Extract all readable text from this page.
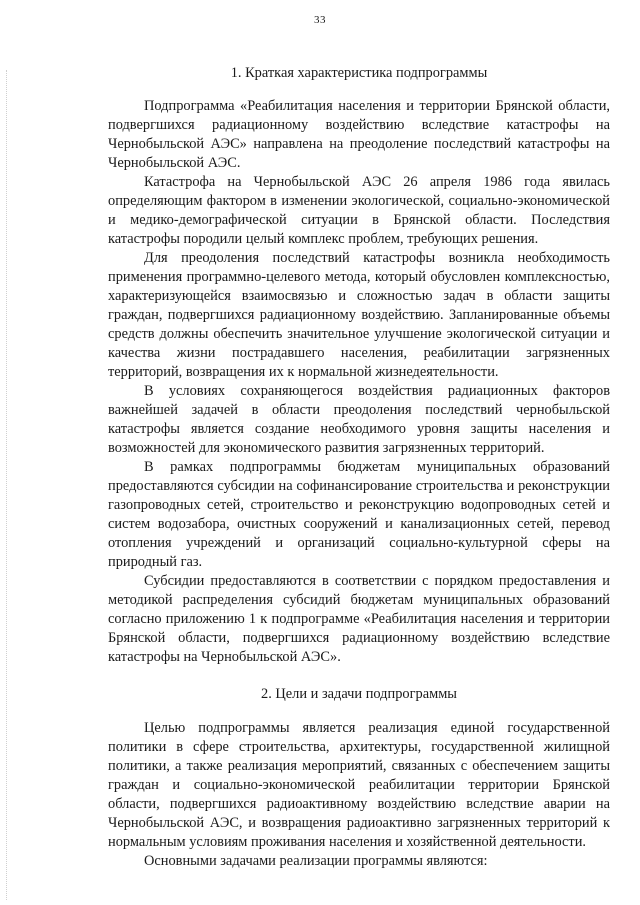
33
1. Краткая характеристика подпрограммы

Подпрограмма «Реабилитация населения и территории Брянской области, подвергшихся радиационному воздействию вследствие катастрофы на Чернобыльской АЭС» направлена на преодоление последствий катастрофы на Чернобыльской АЭС.

Катастрофа на Чернобыльской АЭС 26 апреля 1986 года явилась определяющим фактором в изменении экологической, социально-экономической и медико-демографической ситуации в Брянской области. Последствия катастрофы породили целый комплекс проблем, требующих решения.

Для преодоления последствий катастрофы возникла необходимость применения программно-целевого метода, который обусловлен комплексностью, характеризующейся взаимосвязью и сложностью задач в области защиты граждан, подвергшихся радиационному воздействию. Запланированные объемы средств должны обеспечить значительное улучшение экологической ситуации и качества жизни пострадавшего населения, реабилитации загрязненных территорий, возвращения их к нормальной жизнедеятельности.

В условиях сохраняющегося воздействия радиационных факторов важнейшей задачей в области преодоления последствий чернобыльской катастрофы является создание необходимого уровня защиты населения и возможностей для экономического развития загрязненных территорий.

В рамках подпрограммы бюджетам муниципальных образований предоставляются субсидии на софинансирование строительства и реконструкции газопроводных сетей, строительство и реконструкцию водопроводных сетей и систем водозабора, очистных сооружений и канализационных сетей, перевод отопления учреждений и организаций социально-культурной сферы на природный газ.

Субсидии предоставляются в соответствии с порядком предоставления и методикой распределения субсидий бюджетам муниципальных образований согласно приложению 1 к подпрограмме «Реабилитация населения и территории Брянской области, подвергшихся радиационному воздействию вследствие катастрофы на Чернобыльской АЭС».

2. Цели и задачи подпрограммы

Целью подпрограммы является реализация единой государственной политики в сфере строительства, архитектуры, государственной жилищной политики, а также реализация мероприятий, связанных с обеспечением защиты граждан и социально-экономической реабилитации территории Брянской области, подвергшихся радиоактивному воздействию вследствие аварии на Чернобыльской АЭС, и возвращения радиоактивно загрязненных территорий к нормальным условиям проживания населения и хозяйственной деятельности.

Основными задачами реализации программы являются:
